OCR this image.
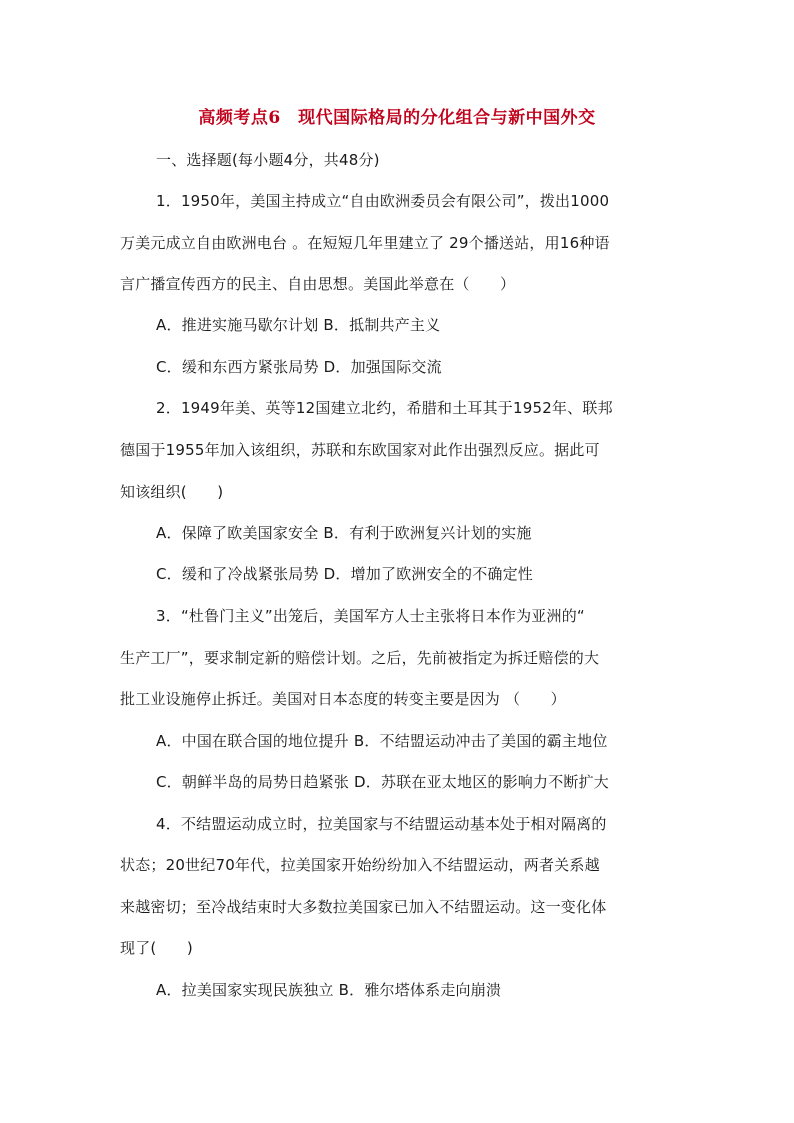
高频考点6　现代国际格局的分化组合与新中国外交
一、选择题(每小题4分，共48分)
1．1950年，美国主持成立“自由欧洲委员会有限公司”，拨出1000
万美元成立自由欧洲电台 。在短短几年里建立了 29个播送站，用16种语
言广播宣传西方的民主、自由思想。美国此举意在（　　）
A．推进实施马歇尔计划 B．抵制共产主义
C．缓和东西方紧张局势 D．加强国际交流
2．1949年美、英等12国建立北约，希腊和土耳其于1952年、联邦
德国于1955年加入该组织，苏联和东欧国家对此作出强烈反应。据此可
知该组织(　　)
A．保障了欧美国家安全 B．有利于欧洲复兴计划的实施
C．缓和了冷战紧张局势 D．增加了欧洲安全的不确定性
3．“杜鲁门主义”出笼后，美国军方人士主张将日本作为亚洲的“
生产工厂”，要求制定新的赔偿计划。之后，先前被指定为拆迁赔偿的大
批工业设施停止拆迁。美国对日本态度的转变主要是因为 （　　）
A．中国在联合国的地位提升 B．不结盟运动冲击了美国的霸主地位
C．朝鲜半岛的局势日趋紧张 D．苏联在亚太地区的影响力不断扩大
4．不结盟运动成立时，拉美国家与不结盟运动基本处于相对隔离的
状态；20世纪70年代，拉美国家开始纷纷加入不结盟运动，两者关系越
来越密切；至冷战结束时大多数拉美国家已加入不结盟运动。这一变化体
现了(　　)
A．拉美国家实现民族独立 B．雅尔塔体系走向崩溃
